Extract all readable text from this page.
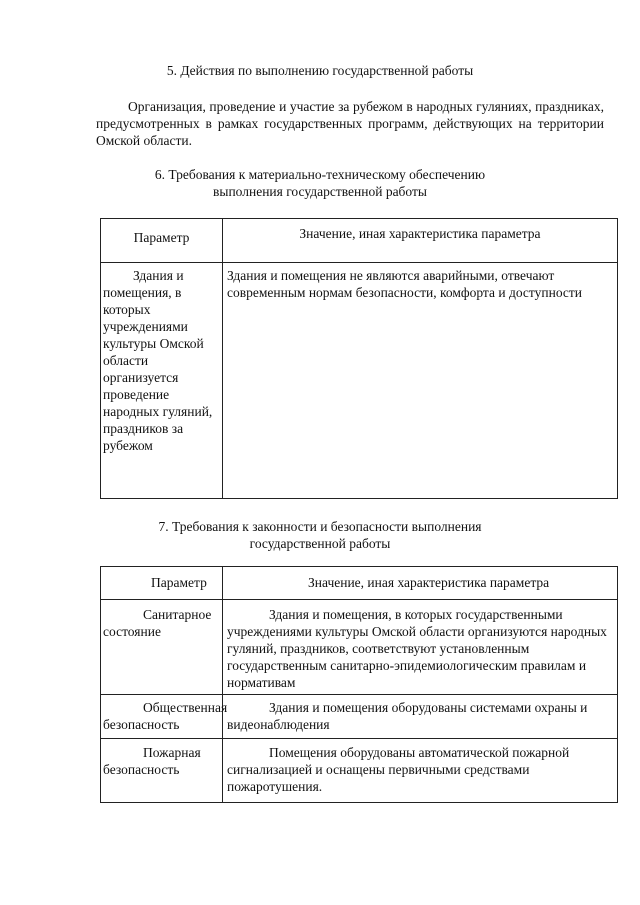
5. Действия по выполнению государственной работы

Организация, проведение и участие за рубежом в народных гуляниях, праздниках, предусмотренных в рамках государственных программ, действующих на территории Омской области.

6. Требования к материально-техническому обеспечению
выполнения государственной работы
Параметр	Значение, иная характеристика параметра
Здания и помещения, в которых учреждениями культуры Омской области организуется проведение народных гуляний, праздников за рубежом	Здания и помещения не являются аварийными, отвечают современным нормам безопасности, комфорта и доступности
7. Требования к законности и безопасности выполнения
государственной работы
Параметр	Значение, иная характеристика параметра

Санитарное
состояние	Здания и помещения, в которых государственными учреждениями культуры Омской области организуются народных гуляний, праздников, соответствуют установленным государственным санитарно-эпидемиологическим правилам и нормативам

Общественная
безопасность	Здания и помещения оборудованы системами охраны и видеонаблюдения

Пожарная
безопасность	Помещения оборудованы автоматической пожарной сигнализацией и оснащены первичными средствами пожаротушения.
